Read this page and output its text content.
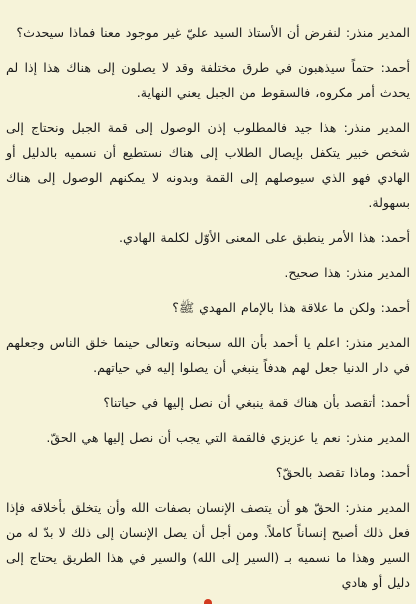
المدير منذر: لنفرض أن الأستاذ السيد عليّ غير موجود معنا فماذا سيحدث؟

أحمد: حتماً سيذهبون في طرق مختلفة وقد لا يصلون إلى هناك هذا إذا لم يحدث أمر مكروه، فالسقوط من الجبل يعني النهاية.

المدير منذر: هذا جيد فالمطلوب إذن الوصول إلى قمة الجبل ونحتاج إلى شخص خبير يتكفل بإيصال الطلاب إلى هناك نستطيع أن نسميه بالدليل أو الهادي فهو الذي سيوصلهم إلى القمة وبدونه لا يمكنهم الوصول إلى هناك بسهولة.

أحمد: هذا الأمر ينطبق على المعنى الأوّل لكلمة الهادي.

المدير منذر: هذا صحيح.

أحمد: ولكن ما علاقة هذا بالإمام المهدي ﷺ؟

المدير منذر: اعلم يا أحمد بأن الله سبحانه وتعالى حينما خلق الناس وجعلهم في دار الدنيا جعل لهم هدفاً ينبغي أن يصلوا إليه في حياتهم.

أحمد: أتقصد بأن هناك قمة ينبغي أن نصل إليها في حياتنا؟

المدير منذر: نعم يا عزيزي فالقمة التي يجب أن نصل إليها هي الحقّ.

أحمد: وماذا تقصد بالحقّ؟

المدير منذر: الحقّ هو أن يتصف الإنسان بصفات الله وأن يتخلق بأخلاقه فإذا فعل ذلك أصبح إنساناً كاملاً. ومن أجل أن يصل الإنسان إلى ذلك لا بدّ له من السير وهذا ما نسميه بـ (السير إلى الله) والسير في هذا الطريق يحتاج إلى دليل أو هادي
